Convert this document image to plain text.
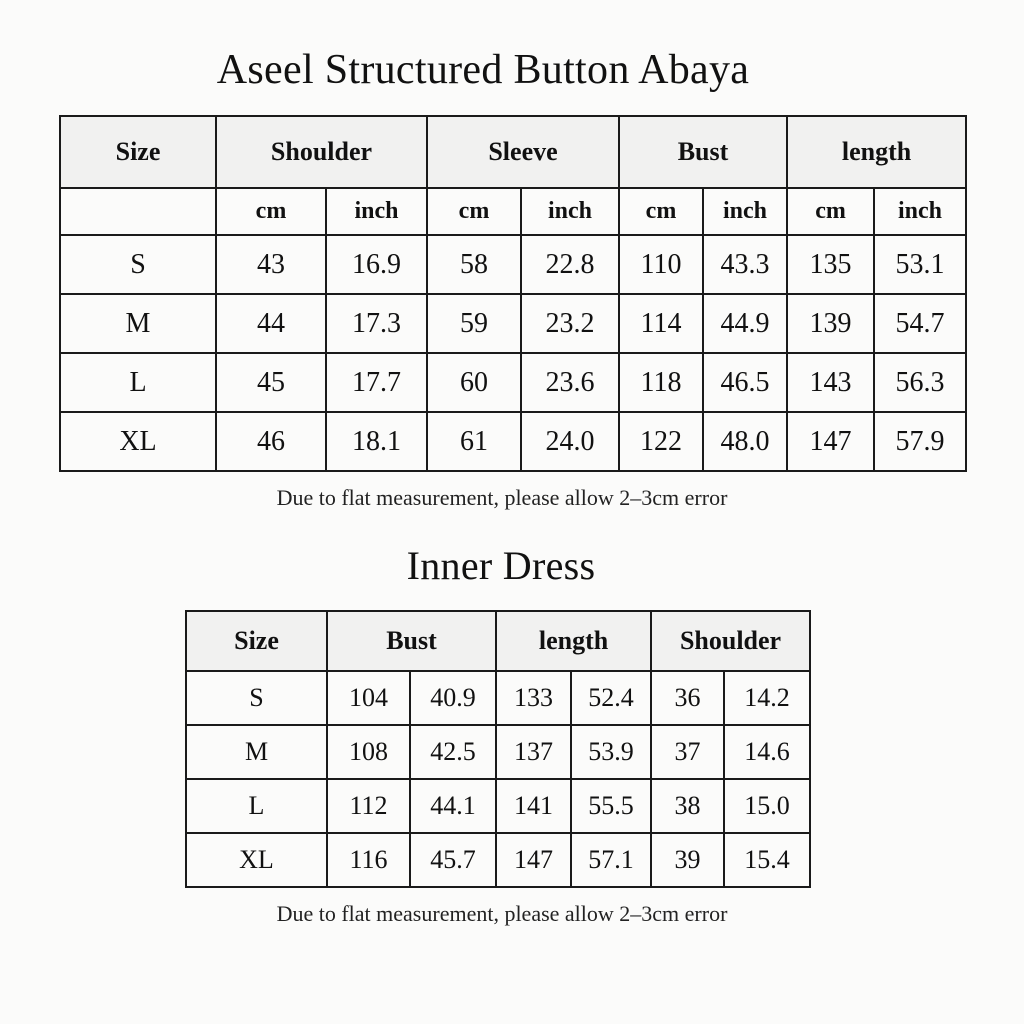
Aseel Structured Button Abaya
Size	Shoulder		Sleeve		Bust		length	
	cm	inch	cm	inch	cm	inch	cm	inch
S	43	16.9	58	22.8	110	43.3	135	53.1
M	44	17.3	59	23.2	114	44.9	139	54.7
L	45	17.7	60	23.6	118	46.5	143	56.3
XL	46	18.1	61	24.0	122	48.0	147	57.9
Due to flat measurement, please allow 2–3cm error
Inner Dress
Size	Bust		length		Shoulder	
S	104	40.9	133	52.4	36	14.2
M	108	42.5	137	53.9	37	14.6
L	112	44.1	141	55.5	38	15.0
XL	116	45.7	147	57.1	39	15.4
Due to flat measurement, please allow 2–3cm error
